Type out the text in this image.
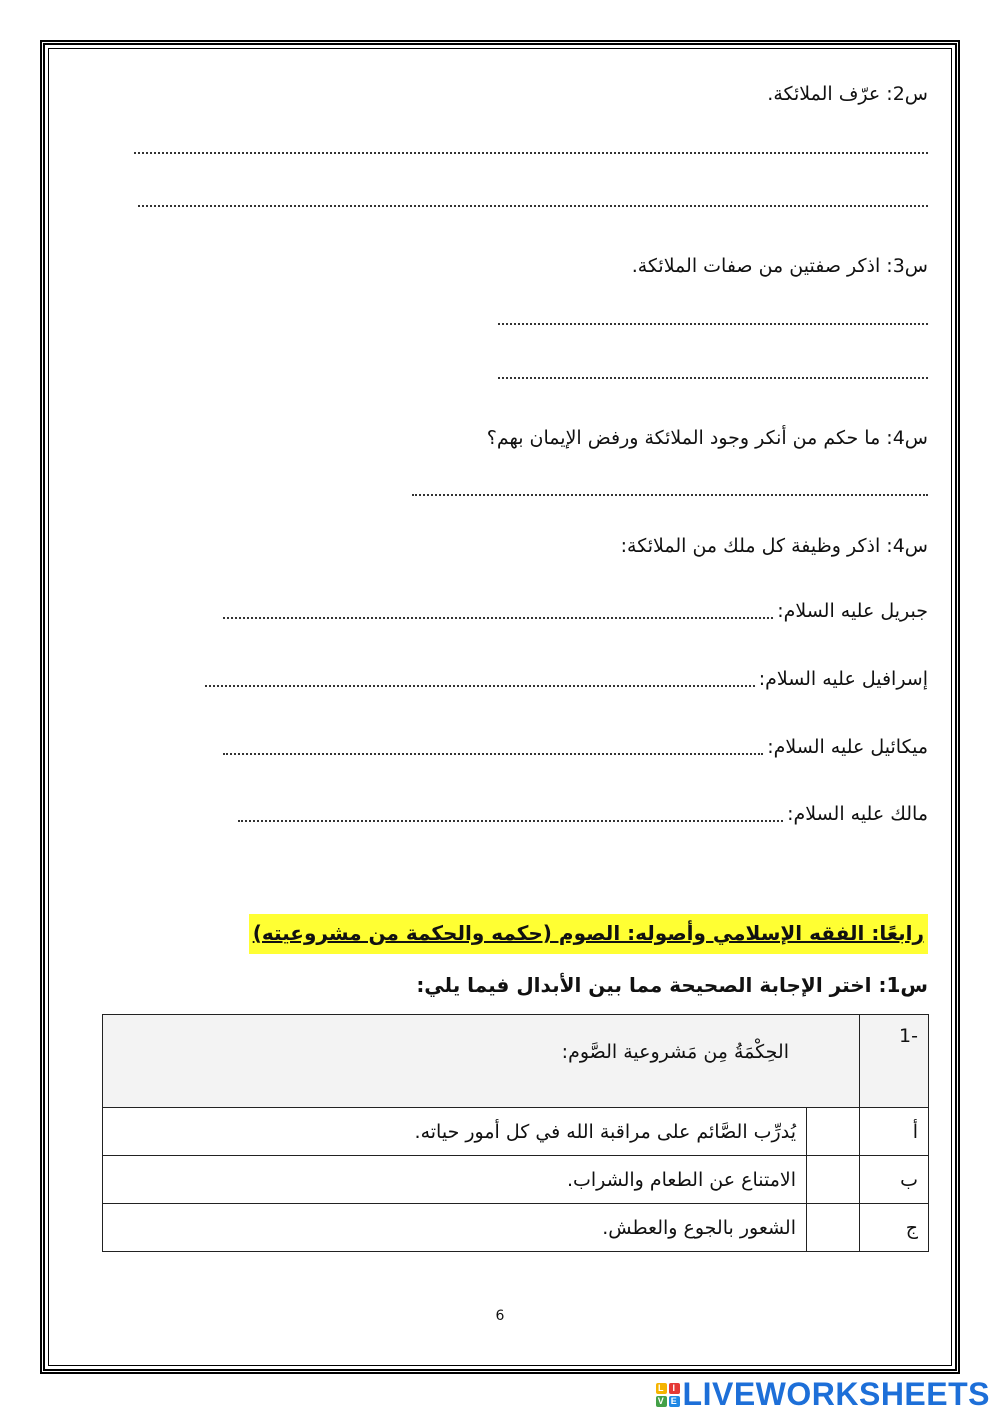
س2: عرّف الملائكة.
س3: اذكر صفتين من صفات الملائكة.
س4: ما حكم من أنكر وجود الملائكة ورفض الإيمان بهم؟
س4: اذكر وظيفة كل ملك من الملائكة:
جبريل عليه السلام:
إسرافيل عليه السلام:
ميكائيل عليه السلام:
مالك عليه السلام:
رابعًا: الفقه الإسلامي وأصوله: الصوم (حكمه والحكمة من مشروعيته)
س1: اختر الإجابة الصحيحة مما بين الأبدال فيما يلي:
-1	الحِكْمَةُ مِن مَشروعية الصَّوم:	

أ		يُدرِّب الصَّائم على مراقبة الله في كل أمور حياته.
ب		الامتناع عن الطعام والشراب.
ج		الشعور بالجوع والعطش.
6
L I
V E LIVEWORKSHEETS
